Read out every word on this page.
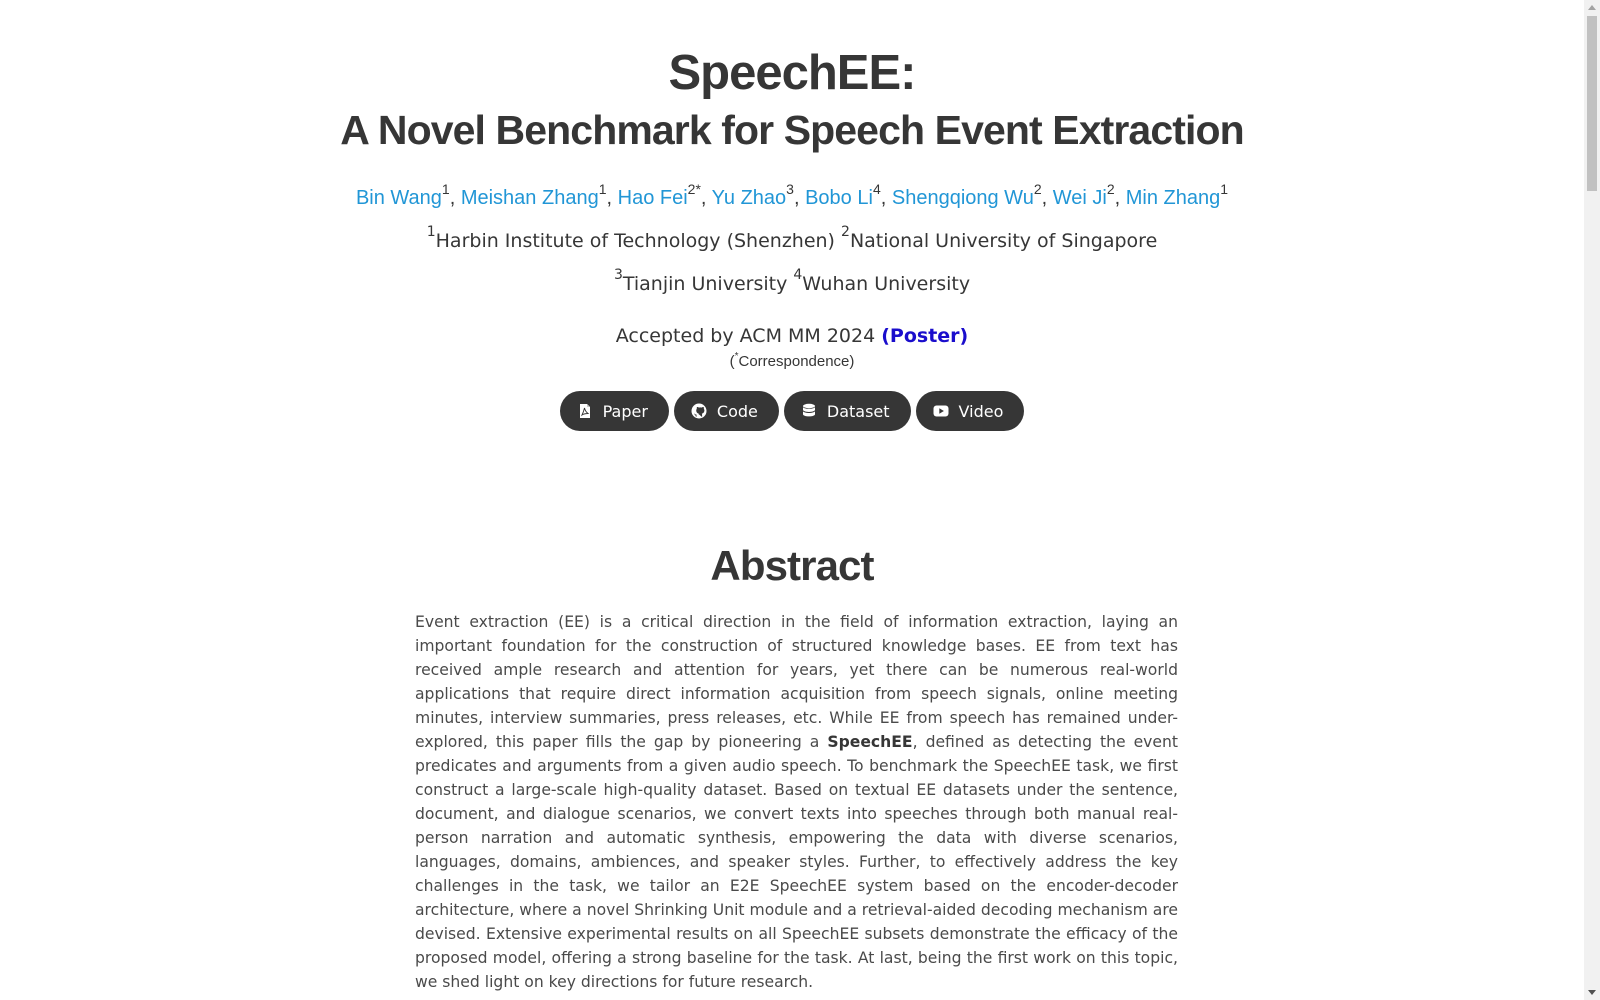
SpeechEE:
A Novel Benchmark for Speech Event Extraction
Bin Wang$^1$, Meishan Zhang$^1$, Hao Fei$^{2*}$, Yu Zhao$^3$, Bobo Li$^4$, Shengqiong Wu$^2$, Wei Ji$^2$, Min Zhang$^1$
$^1$Harbin Institute of Technology (Shenzhen) $^2$National University of Singapore
$^3$Tianjin University $^4$Wuhan University
Accepted by ACM MM 2024 (Poster)
(*Correspondence)
Paper	Code	Dataset	Video
Abstract
Event extraction (EE) is a critical direction in the field of information extraction, laying an important foundation for the construction of structured knowledge bases. EE from text has received ample research and attention for years, yet there can be numerous real-world applications that require direct information acquisition from speech signals, online meeting minutes, interview summaries, press releases, etc. While EE from speech has remained under-explored, this paper fills the gap by pioneering a SpeechEE, defined as detecting the event predicates and arguments from a given audio speech. To benchmark the SpeechEE task, we first construct a large-scale high-quality dataset. Based on textual EE datasets under the sentence, document, and dialogue scenarios, we convert texts into speeches through both manual real-person narration and automatic synthesis, empowering the data with diverse scenarios, languages, domains, ambiences, and speaker styles. Further, to effectively address the key challenges in the task, we tailor an E2E SpeechEE system based on the encoder-decoder architecture, where a novel Shrinking Unit module and a retrieval-aided decoding mechanism are devised. Extensive experimental results on all SpeechEE subsets demonstrate the efficacy of the proposed model, offering a strong baseline for the task. At last, being the first work on this topic, we shed light on key directions for future research.
